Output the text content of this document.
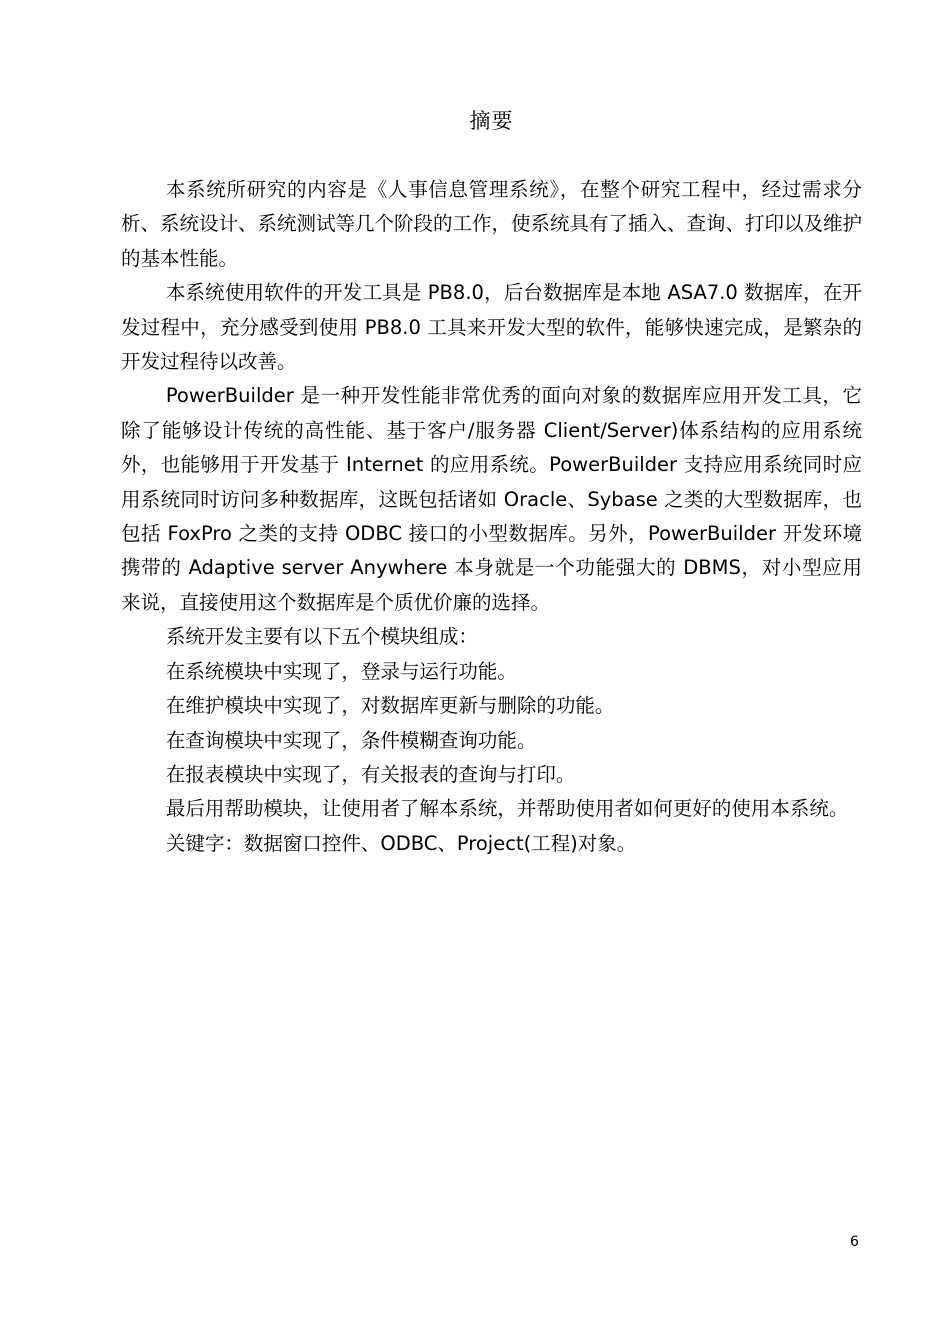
摘要

本系统所研究的内容是《人事信息管理系统》，在整个研究工程中，经过需求分析、系统设计、系统测试等几个阶段的工作，使系统具有了插入、查询、打印以及维护的基本性能。

本系统使用软件的开发工具是 PB8.0，后台数据库是本地 ASA7.0 数据库，在开发过程中，充分感受到使用 PB8.0 工具来开发大型的软件，能够快速完成，是繁杂的开发过程待以改善。

PowerBuilder 是一种开发性能非常优秀的面向对象的数据库应用开发工具，它除了能够设计传统的高性能、基于客户/服务器 Client/Server)体系结构的应用系统外，也能够用于开发基于 Internet 的应用系统。PowerBuilder 支持应用系统同时应用系统同时访问多种数据库，这既包括诸如 Oracle、Sybase 之类的大型数据库，也包括 FoxPro 之类的支持 ODBC 接口的小型数据库。另外，PowerBuilder 开发环境携带的 Adaptive server Anywhere 本身就是一个功能强大的 DBMS，对小型应用来说，直接使用这个数据库是个质优价廉的选择。

系统开发主要有以下五个模块组成：

在系统模块中实现了，登录与运行功能。

在维护模块中实现了，对数据库更新与删除的功能。

在查询模块中实现了，条件模糊查询功能。

在报表模块中实现了，有关报表的查询与打印。

最后用帮助模块，让使用者了解本系统，并帮助使用者如何更好的使用本系统。

关键字：数据窗口控件、ODBC、Project(工程)对象。

6
